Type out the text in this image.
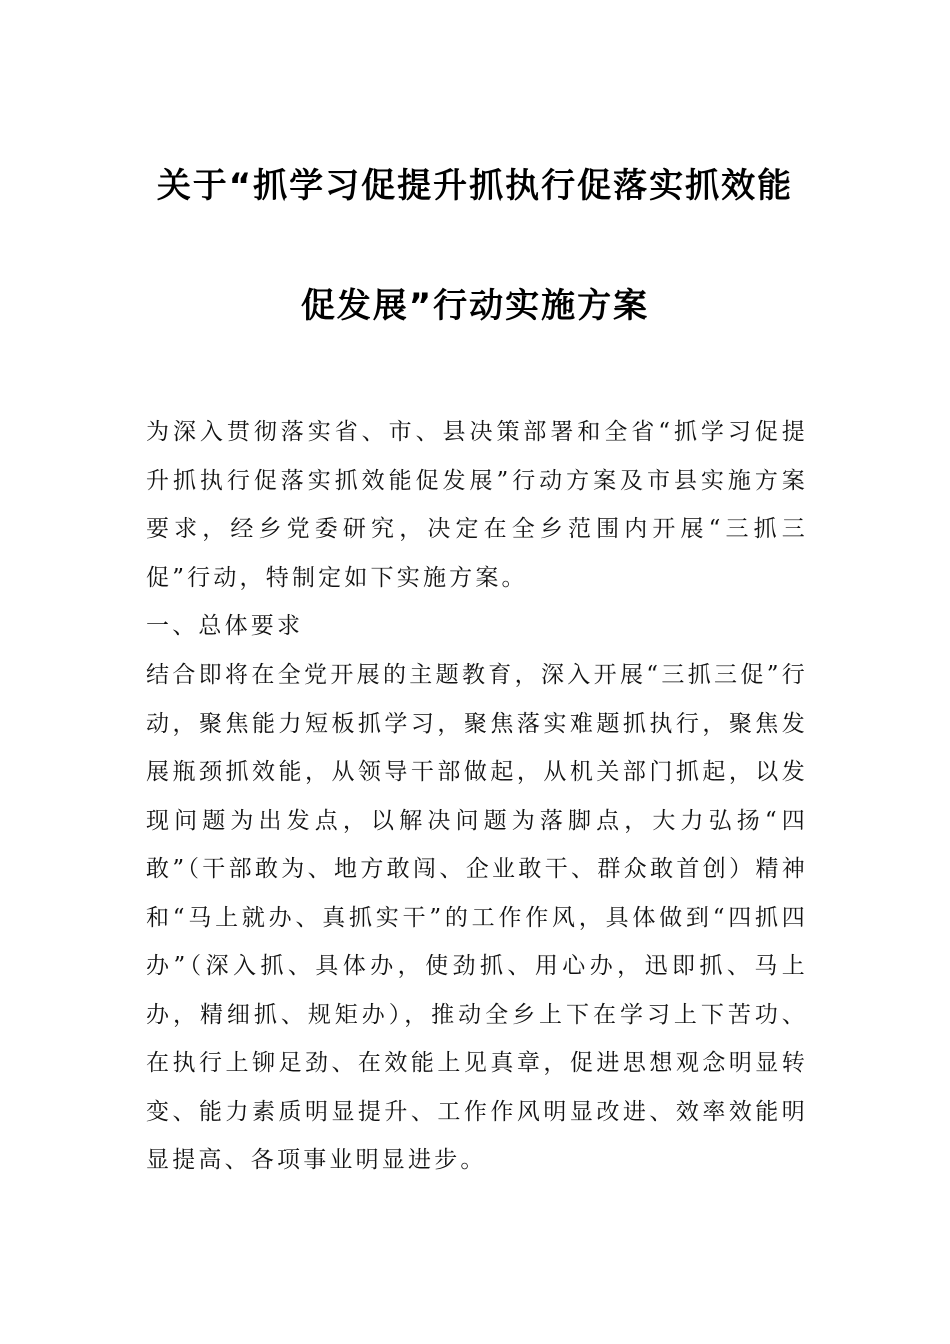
关于“抓学习促提升抓执行促落实抓效能
促发展”行动实施方案

为深入贯彻落实省、市、县决策部署和全省“抓学习促提升抓执行促落实抓效能促发展”行动方案及市县实施方案要求，经乡党委研究，决定在全乡范围内开展“三抓三促”行动，特制定如下实施方案。

一、总体要求

结合即将在全党开展的主题教育，深入开展“三抓三促”行动，聚焦能力短板抓学习，聚焦落实难题抓执行，聚焦发展瓶颈抓效能，从领导干部做起，从机关部门抓起，以发现问题为出发点，以解决问题为落脚点，大力弘扬“四敢”（干部敢为、地方敢闯、企业敢干、群众敢首创）精神和“马上就办、真抓实干”的工作作风，具体做到“四抓四办”（深入抓、具体办，使劲抓、用心办，迅即抓、马上办，精细抓、规矩办），推动全乡上下在学习上下苦功、在执行上铆足劲、在效能上见真章，促进思想观念明显转变、能力素质明显提升、工作作风明显改进、效率效能明显提高、各项事业明显进步。
